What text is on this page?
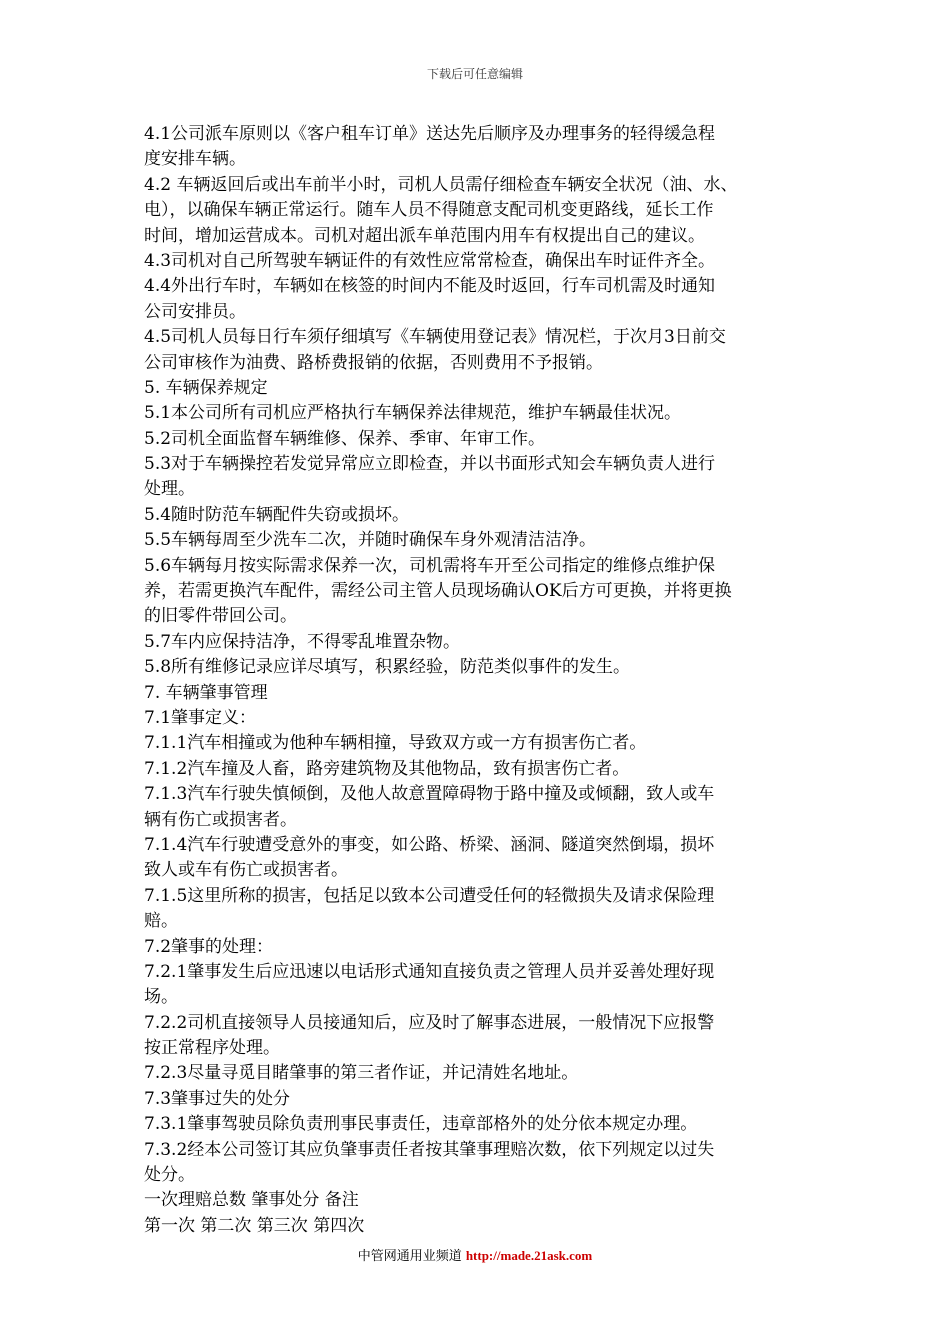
下载后可任意编辑
4.1公司派车原则以《客户租车订单》送达先后顺序及办理事务的轻得缓急程
度安排车辆。
4.2 车辆返回后或出车前半小时，司机人员需仔细检查车辆安全状况（油、水、
电），以确保车辆正常运行。随车人员不得随意支配司机变更路线，延长工作
时间，增加运营成本。司机对超出派车单范围内用车有权提出自己的建议。
4.3司机对自己所驾驶车辆证件的有效性应常常检查，确保出车时证件齐全。
4.4外出行车时，车辆如在核签的时间内不能及时返回，行车司机需及时通知
公司安排员。
4.5司机人员每日行车须仔细填写《车辆使用登记表》情况栏，于次月3日前交
公司审核作为油费、路桥费报销的依据，否则费用不予报销。
5. 车辆保养规定
5.1本公司所有司机应严格执行车辆保养法律规范，维护车辆最佳状况。
5.2司机全面监督车辆维修、保养、季审、年审工作。
5.3对于车辆操控若发觉异常应立即检查，并以书面形式知会车辆负责人进行
处理。
5.4随时防范车辆配件失窃或损坏。
5.5车辆每周至少洗车二次，并随时确保车身外观清洁洁净。
5.6车辆每月按实际需求保养一次，司机需将车开至公司指定的维修点维护保
养，若需更换汽车配件，需经公司主管人员现场确认OK后方可更换，并将更换
的旧零件带回公司。
5.7车内应保持洁净，不得零乱堆置杂物。
5.8所有维修记录应详尽填写，积累经验，防范类似事件的发生。
7. 车辆肇事管理
7.1肇事定义：
7.1.1汽车相撞或为他种车辆相撞，导致双方或一方有损害伤亡者。
7.1.2汽车撞及人畜，路旁建筑物及其他物品，致有损害伤亡者。
7.1.3汽车行驶失慎倾倒，及他人故意置障碍物于路中撞及或倾翻，致人或车
辆有伤亡或损害者。
7.1.4汽车行驶遭受意外的事变，如公路、桥梁、涵洞、隧道突然倒塌，损坏
致人或车有伤亡或损害者。
7.1.5这里所称的损害，包括足以致本公司遭受任何的轻微损失及请求保险理
赔。
7.2肇事的处理：
7.2.1肇事发生后应迅速以电话形式通知直接负责之管理人员并妥善处理好现
场。
7.2.2司机直接领导人员接通知后，应及时了解事态进展，一般情况下应报警
按正常程序处理。
7.2.3尽量寻觅目睹肇事的第三者作证，并记清姓名地址。
7.3肇事过失的处分
7.3.1肇事驾驶员除负责刑事民事责任，违章部格外的处分依本规定办理。
7.3.2经本公司签订其应负肇事责任者按其肇事理赔次数，依下列规定以过失
处分。
一次理赔总数 肇事处分 备注
第一次 第二次 第三次 第四次
中管网通用业频道 http://made.21ask.com
